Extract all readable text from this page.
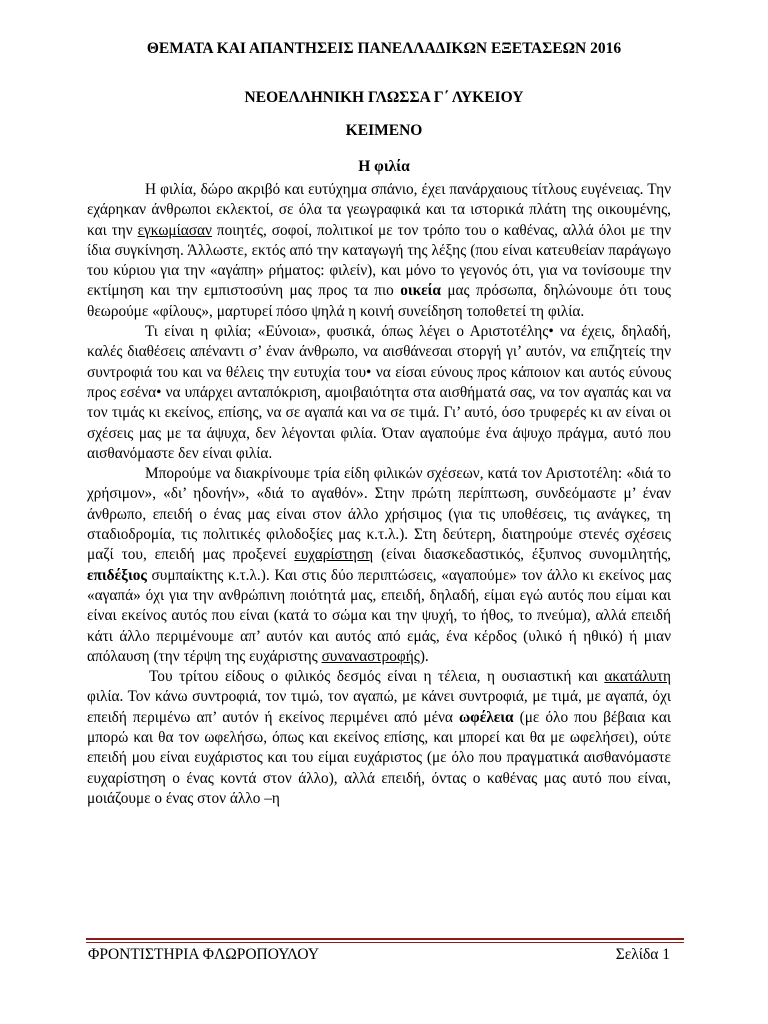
ΘΕΜΑΤΑ ΚΑΙ ΑΠΑΝΤΗΣΕΙΣ ΠΑΝΕΛΛΑΔΙΚΩΝ ΕΞΕΤΑΣΕΩΝ 2016
ΝΕΟΕΛΛΗΝΙΚΗ ΓΛΩΣΣΑ Γ΄ ΛΥΚΕΙΟΥ
ΚΕΙΜΕΝΟ
Η φιλία

Η φιλία, δώρο ακριβό και ευτύχημα σπάνιο, έχει πανάρχαιους τίτλους ευγένειας. Την εχάρηκαν άνθρωποι εκλεκτοί, σε όλα τα γεωγραφικά και τα ιστορικά πλάτη της οικουμένης, και την εγκωμίασαν ποιητές, σοφοί, πολιτικοί με τον τρόπο του ο καθένας, αλλά όλοι με την ίδια συγκίνηση. Άλλωστε, εκτός από την καταγωγή της λέξης (που είναι κατευθείαν παράγωγο του κύριου για την «αγάπη» ρήματος: φιλείν), και μόνο το γεγονός ότι, για να τονίσουμε την εκτίμηση και την εμπιστοσύνη μας προς τα πιο οικεία μας πρόσωπα, δηλώνουμε ότι τους θεωρούμε «φίλους», μαρτυρεί πόσο ψηλά η κοινή συνείδηση τοποθετεί τη φιλία.

Τι είναι η φιλία; «Εύνοια», φυσικά, όπως λέγει ο Αριστοτέλης• να έχεις, δηλαδή, καλές διαθέσεις απέναντι σ’ έναν άνθρωπο, να αισθάνεσαι στοργή γι’ αυτόν, να επιζητείς την συντροφιά του και να θέλεις την ευτυχία του• να είσαι εύνους προς κάποιον και αυτός εύνους προς εσένα• να υπάρχει ανταπόκριση, αμοιβαιότητα στα αισθήματά σας, να τον αγαπάς και να τον τιμάς κι εκείνος, επίσης, να σε αγαπά και να σε τιμά. Γι’ αυτό, όσο τρυφερές κι αν είναι οι σχέσεις μας με τα άψυχα, δεν λέγονται φιλία. Όταν αγαπούμε ένα άψυχο πράγμα, αυτό που αισθανόμαστε δεν είναι φιλία.

Μπορούμε να διακρίνουμε τρία είδη φιλικών σχέσεων, κατά τον Αριστοτέλη: «διά το χρήσιμον», «δι’ ηδονήν», «διά το αγαθόν». Στην πρώτη περίπτωση, συνδεόμαστε μ’ έναν άνθρωπο, επειδή ο ένας μας είναι στον άλλο χρήσιμος (για τις υποθέσεις, τις ανάγκες, τη σταδιοδρομία, τις πολιτικές φιλοδοξίες μας κ.τ.λ.). Στη δεύτερη, διατηρούμε στενές σχέσεις μαζί του, επειδή μας προξενεί ευχαρίστηση (είναι διασκεδαστικός, έξυπνος συνομιλητής, επιδέξιος συμπαίκτης κ.τ.λ.). Και στις δύο περιπτώσεις, «αγαπούμε» τον άλλο κι εκείνος μας «αγαπά» όχι για την ανθρώπινη ποιότητά μας, επειδή, δηλαδή, είμαι εγώ αυτός που είμαι και είναι εκείνος αυτός που είναι (κατά το σώμα και την ψυχή, το ήθος, το πνεύμα), αλλά επειδή κάτι άλλο περιμένουμε απ’ αυτόν και αυτός από εμάς, ένα κέρδος (υλικό ή ηθικό) ή μιαν απόλαυση (την τέρψη της ευχάριστης συναναστροφής).

Του τρίτου είδους ο φιλικός δεσμός είναι η τέλεια, η ουσιαστική και ακατάλυτη φιλία. Τον κάνω συντροφιά, τον τιμώ, τον αγαπώ, με κάνει συντροφιά, με τιμά, με αγαπά, όχι επειδή περιμένω απ’ αυτόν ή εκείνος περιμένει από μένα ωφέλεια (με όλο που βέβαια και μπορώ και θα τον ωφελήσω, όπως και εκείνος επίσης, και μπορεί και θα με ωφελήσει), ούτε επειδή μου είναι ευχάριστος και του είμαι ευχάριστος (με όλο που πραγματικά αισθανόμαστε ευχαρίστηση ο ένας κοντά στον άλλο), αλλά επειδή, όντας ο καθένας μας αυτό που είναι, μοιάζουμε ο ένας στον άλλο –η

ΦΡΟΝΤΙΣΤΗΡΙΑ ΦΛΩΡΟΠΟΥΛΟΥ	Σελίδα 1
